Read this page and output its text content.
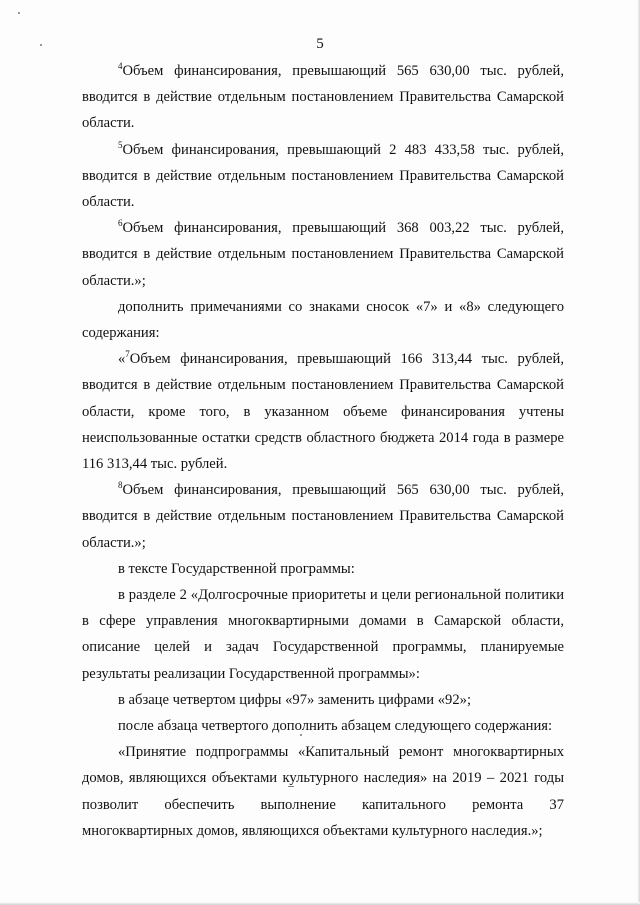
5

$^4$Объем финансирования, превышающий 565 630,00 тыс. рублей, вводится в действие отдельным постановлением Правительства Самарской области.

$^5$Объем финансирования, превышающий 2 483 433,58 тыс. рублей, вводится в действие отдельным постановлением Правительства Самарской области.

$^6$Объем финансирования, превышающий 368 003,22 тыс. рублей, вводится в действие отдельным постановлением Правительства Самарской области.»;

дополнить примечаниями со знаками сносок «7» и «8» следующего содержания:

«$^7$Объем финансирования, превышающий 166 313,44 тыс. рублей, вводится в действие отдельным постановлением Правительства Самарской области, кроме того, в указанном объеме финансирования учтены неиспользованные остатки средств областного бюджета 2014 года в размере 116 313,44 тыс. рублей.

$^8$Объем финансирования, превышающий 565 630,00 тыс. рублей, вводится в действие отдельным постановлением Правительства Самарской области.»;

в тексте Государственной программы:

в разделе 2 «Долгосрочные приоритеты и цели региональной политики в сфере управления многоквартирными домами в Самарской области, описание целей и задач Государственной программы, планируемые результаты реализации Государственной программы»:

в абзаце четвертом цифры «97» заменить цифрами «92»;

после абзаца четвертого дополнить абзацем следующего содержания:

«Принятие подпрограммы «Капитальный ремонт многоквартирных домов, являющихся объектами культурного наследия» на 2019 – 2021 годы позволит обеспечить выполнение капитального ремонта 37 многоквартирных домов, являющихся объектами культурного наследия.»;
